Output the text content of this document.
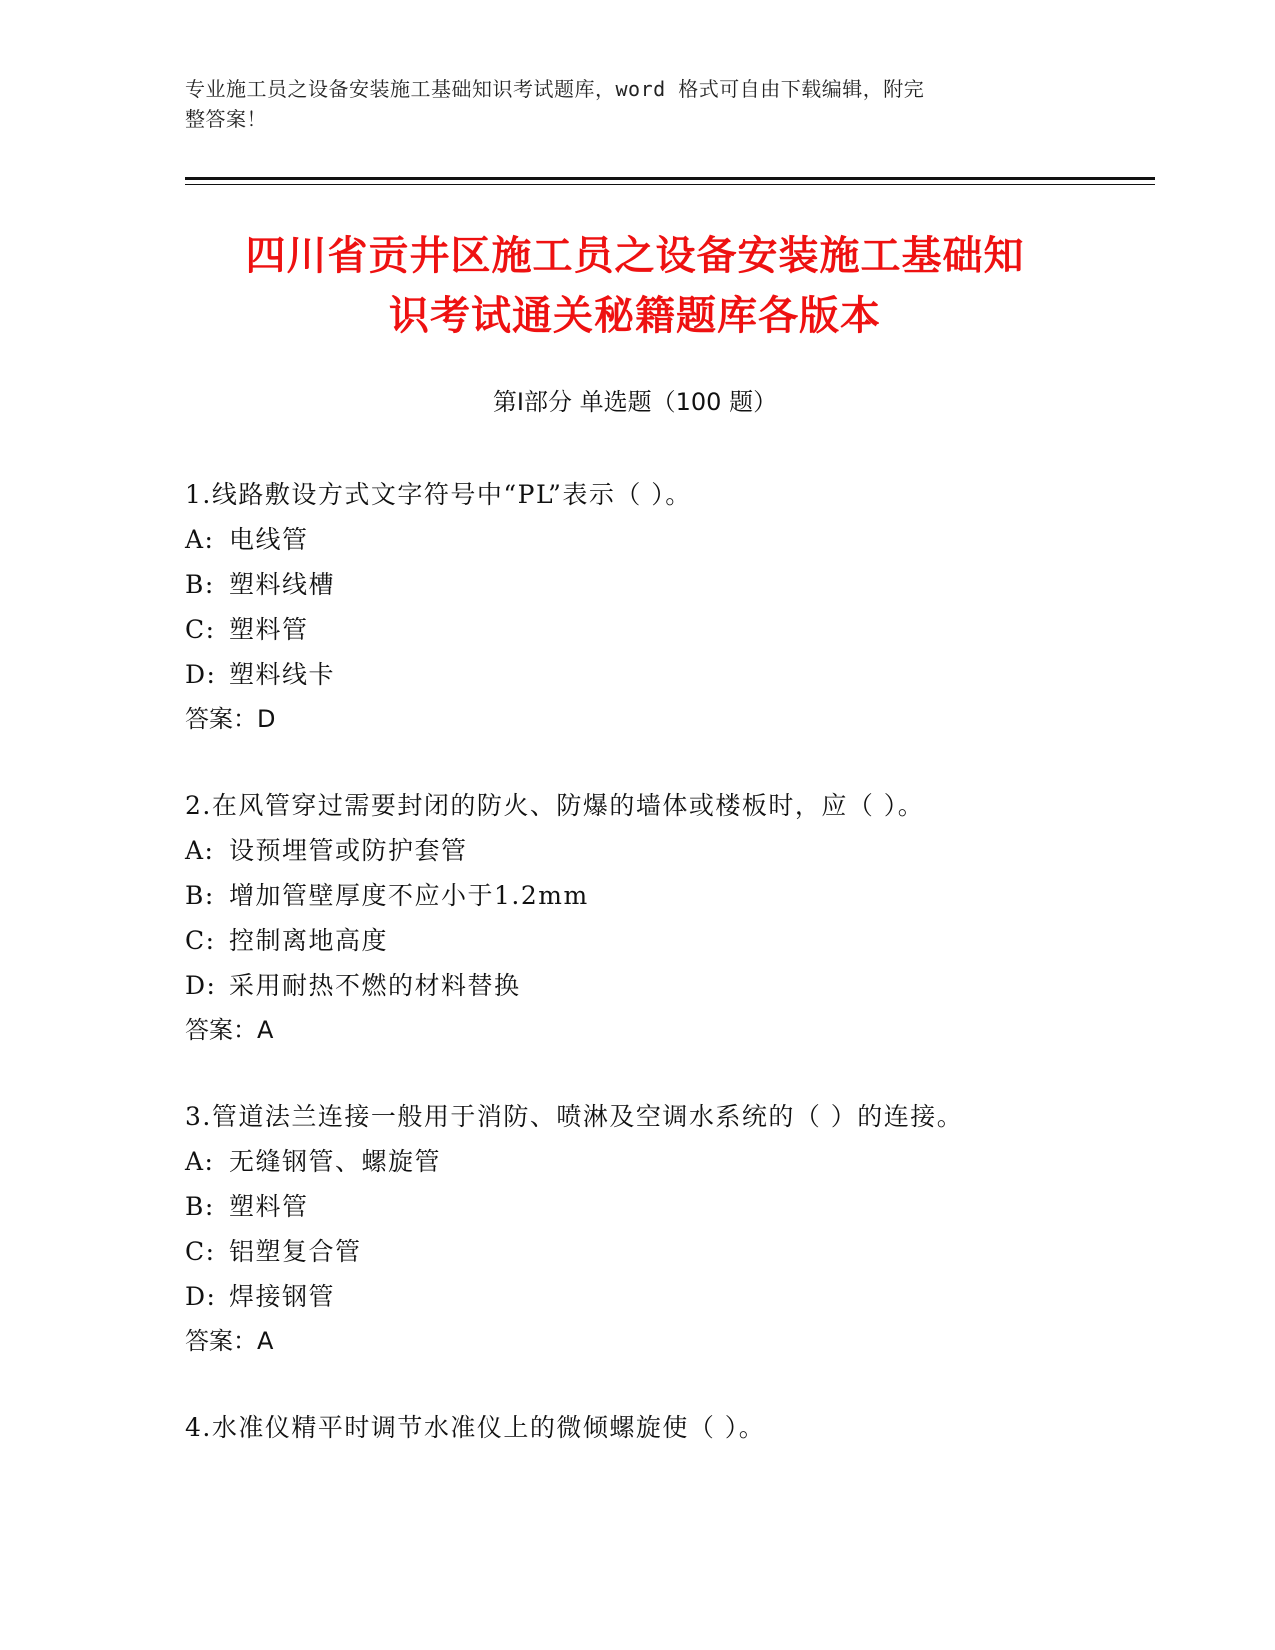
专业施工员之设备安装施工基础知识考试题库，word 格式可自由下载编辑，附完
整答案！
四川省贡井区施工员之设备安装施工基础知
识考试通关秘籍题库各版本
第Ⅰ部分 单选题（100 题）
1.线路敷设方式文字符号中“PL”表示（ ）。
A: 电线管
B: 塑料线槽
C: 塑料管
D: 塑料线卡
答案：D
2.在风管穿过需要封闭的防火、防爆的墙体或楼板时，应（ ）。
A: 设预埋管或防护套管
B: 增加管壁厚度不应小于1.2mm
C: 控制离地高度
D: 采用耐热不燃的材料替换
答案：A
3.管道法兰连接一般用于消防、喷淋及空调水系统的（ ）的连接。
A: 无缝钢管、螺旋管
B: 塑料管
C: 铝塑复合管
D: 焊接钢管
答案：A
4.水准仪精平时调节水准仪上的微倾螺旋使（ ）。
